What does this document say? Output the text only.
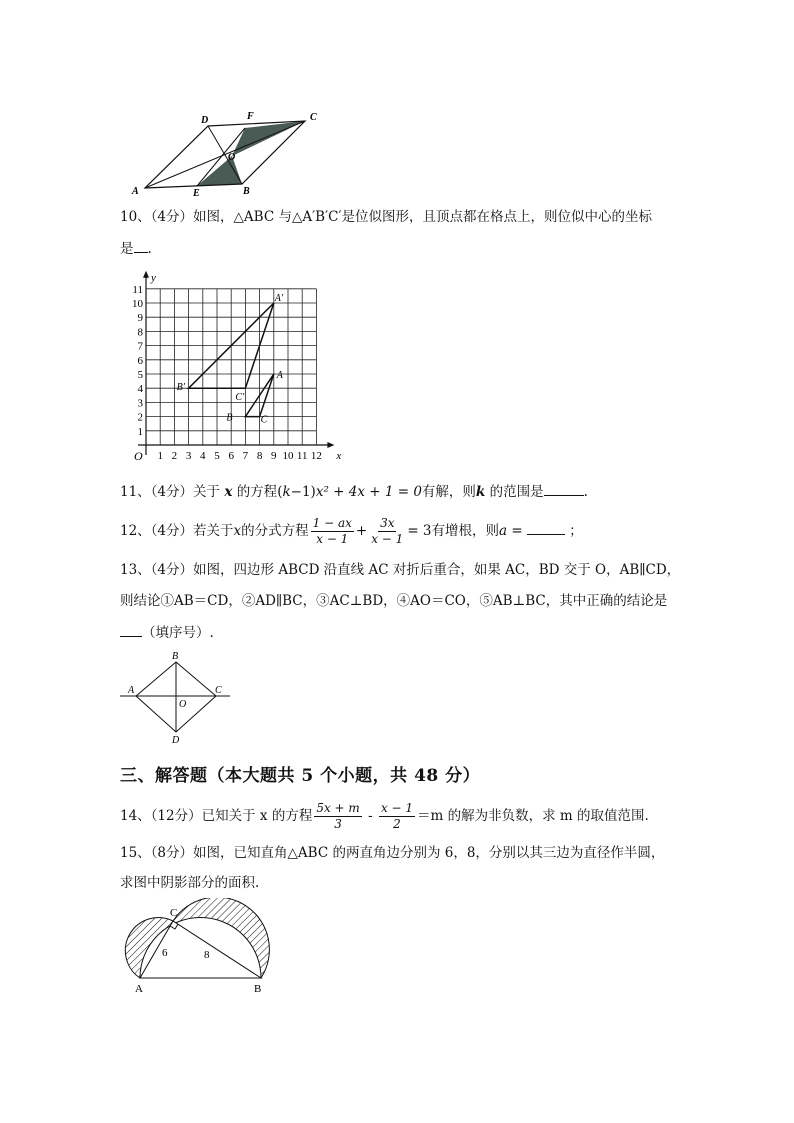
D	F	C
O
A	E	B
10、（4分）如图，△ABC 与△A′B′C′是位似图形，且顶点都在格点上，则位似中心的坐标
是 .
1 2 3 4 5 6 7 8 9 10 11 12
1
2
3
4
5
6
7
8
9
10
11
y
x
O
A′
B′
C′
A
B	C
11、（4分）关于 x 的方程(k−1)x² + 4x + 1 = 0有解，则k 的范围是	.
12、（4分）若关于x的分式方程 $\frac{1 - ax}{x - 1} + \frac{3x}{x - 1} = 3$有增根，则a =	；
13、（4分）如图，四边形 ABCD 沿直线 AC 对折后重合，如果 AC，BD 交于 O，AB∥CD，
则结论①AB＝CD，②AD∥BC，③AC⊥BD，④AO＝CO，⑤AB⊥BC，其中正确的结论是
（填序号）.
B
A	C
O
D
三、解答题（本大题共 5 个小题，共 48 分）
14、（12分）已知关于 x 的方程 $\frac{5x + m}{3} - \frac{x - 1}{2} =m$ 的解为非负数，求 m 的取值范围.
15、（8分）如图，已知直角△ABC 的两直角边分别为 6，8，分别以其三边为直径作半圆，
求图中阴影部分的面积.
C
6	8
A	B
